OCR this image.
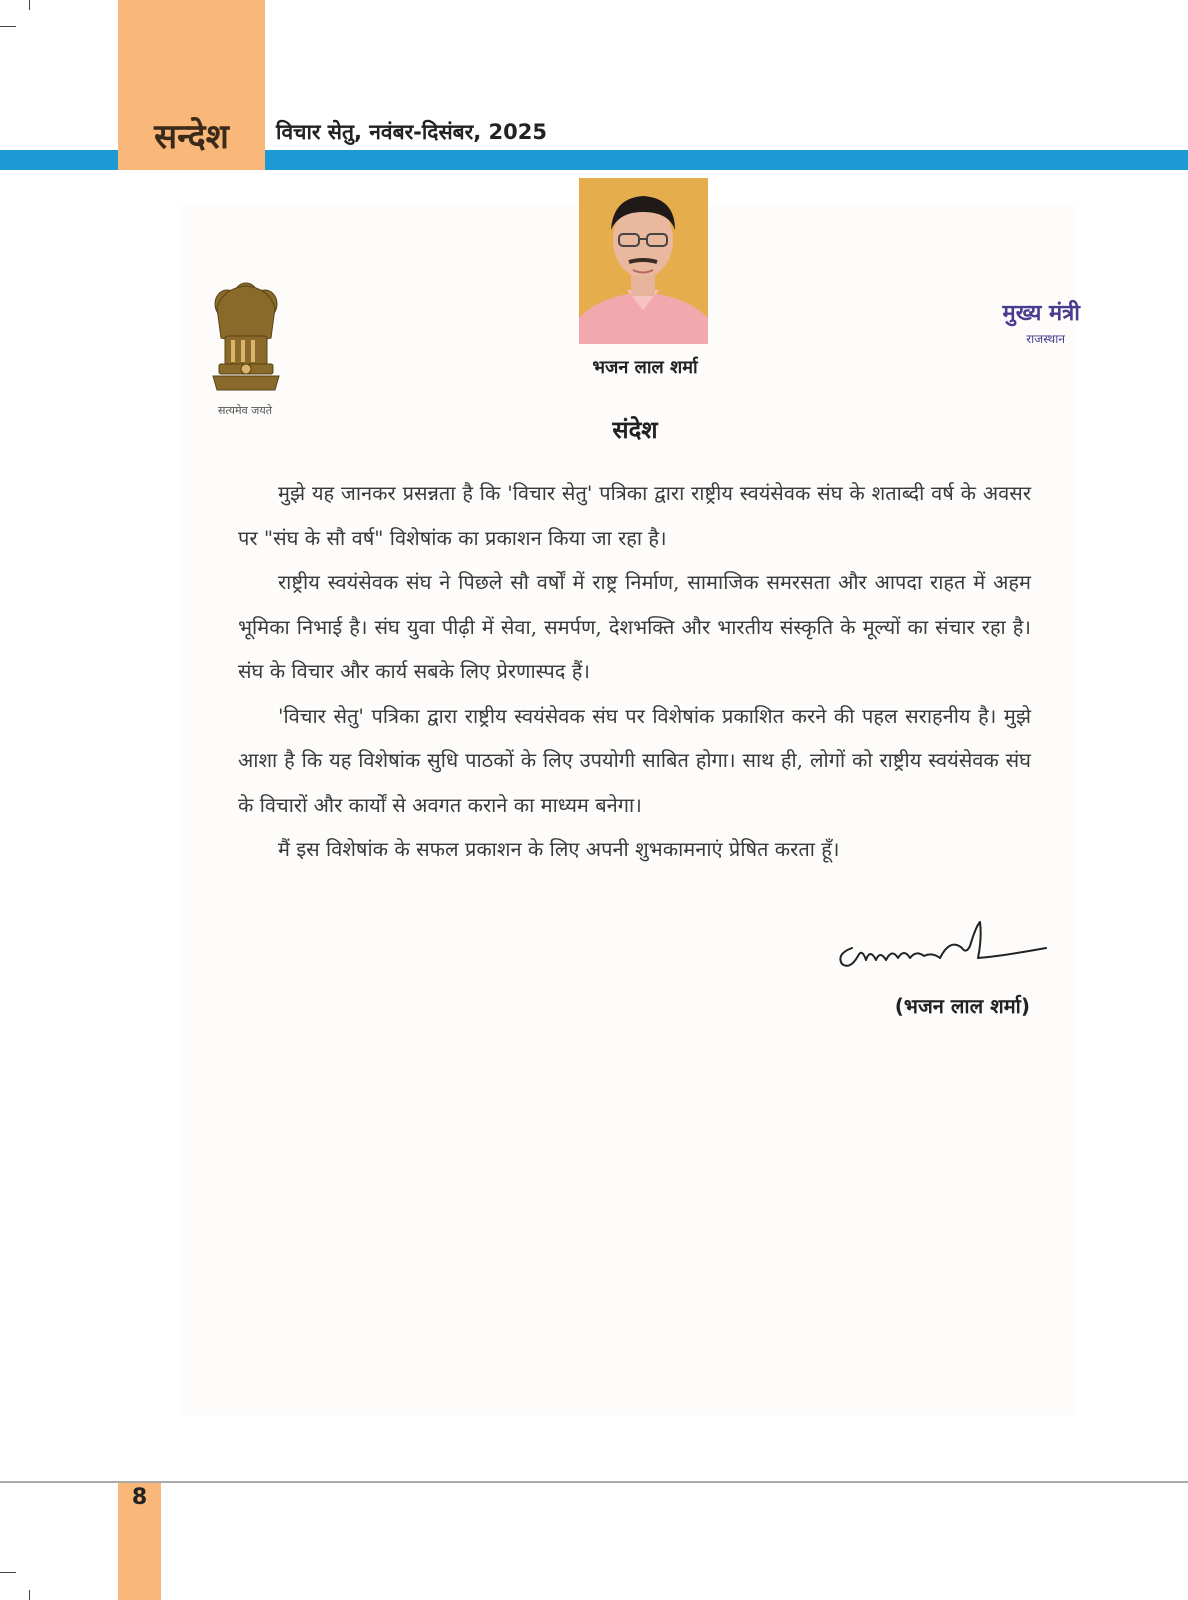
सन्देश	विचार सेतु, नवंबर-दिसंबर, 2025
सत्यमेव जयते
भजन लाल शर्मा
मुख्य मंत्री
राजस्थान
संदेश

मुझे यह जानकर प्रसन्नता है कि 'विचार सेतु' पत्रिका द्वारा राष्ट्रीय स्वयंसेवक संघ के शताब्दी वर्ष के अवसर पर "संघ के सौ वर्ष" विशेषांक का प्रकाशन किया जा रहा है।

राष्ट्रीय स्वयंसेवक संघ ने पिछले सौ वर्षों में राष्ट्र निर्माण, सामाजिक समरसता और आपदा राहत में अहम भूमिका निभाई है। संघ युवा पीढ़ी में सेवा, समर्पण, देशभक्ति और भारतीय संस्कृति के मूल्यों का संचार रहा है। संघ के विचार और कार्य सबके लिए प्रेरणास्पद हैं।

'विचार सेतु' पत्रिका द्वारा राष्ट्रीय स्वयंसेवक संघ पर विशेषांक प्रकाशित करने की पहल सराहनीय है। मुझे आशा है कि यह विशेषांक सुधि पाठकों के लिए उपयोगी साबित होगा। साथ ही, लोगों को राष्ट्रीय स्वयंसेवक संघ के विचारों और कार्यों से अवगत कराने का माध्यम बनेगा।

मैं इस विशेषांक के सफल प्रकाशन के लिए अपनी शुभकामनाएं प्रेषित करता हूँ।

(भजन लाल शर्मा)
8
